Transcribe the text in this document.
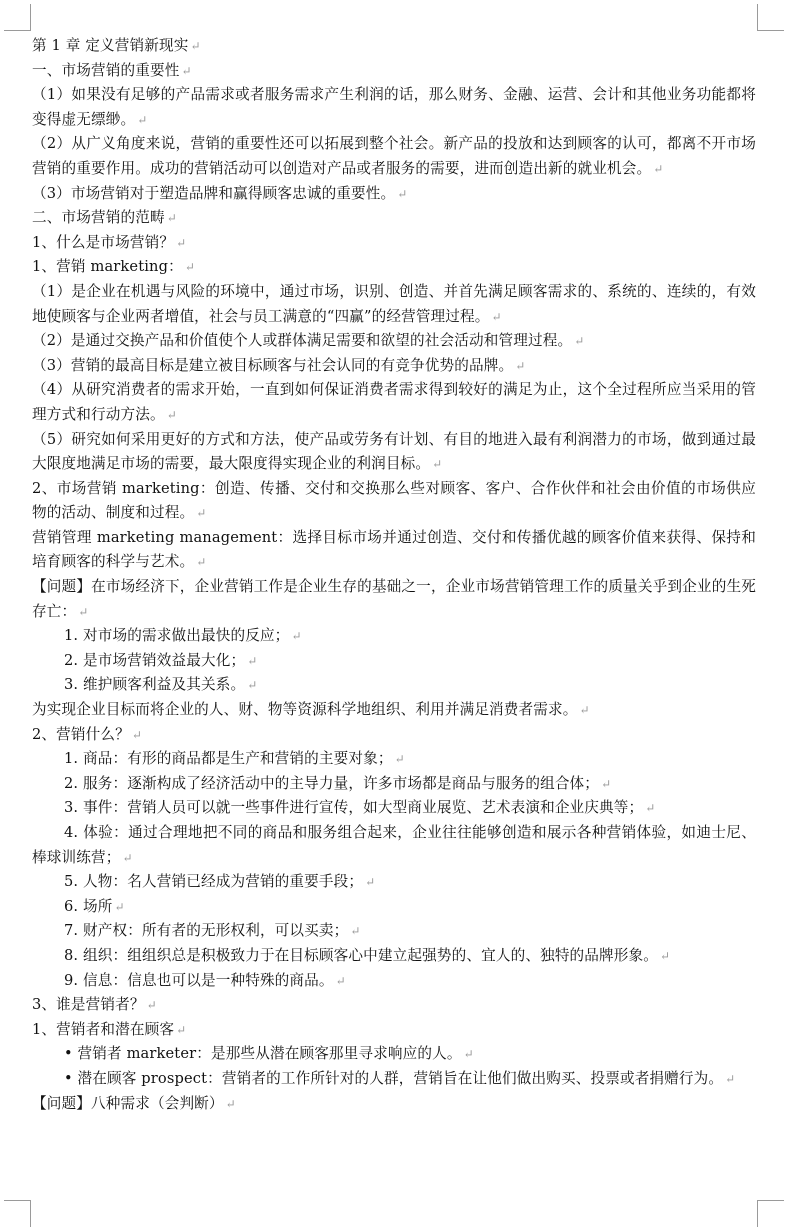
第 1 章 定义营销新现实 ↵

一、市场营销的重要性 ↵

（1）如果没有足够的产品需求或者服务需求产生利润的话，那么财务、金融、运营、会计和其他业务功能都将变得虚无缥缈。 ↵

（2）从广义角度来说，营销的重要性还可以拓展到整个社会。新产品的投放和达到顾客的认可，都离不开市场营销的重要作用。成功的营销活动可以创造对产品或者服务的需要，进而创造出新的就业机会。 ↵

（3）市场营销对于塑造品牌和赢得顾客忠诚的重要性。 ↵

二、市场营销的范畴 ↵

1、什么是市场营销？ ↵

1、营销 marketing： ↵

（1）是企业在机遇与风险的环境中，通过市场，识别、创造、并首先满足顾客需求的、系统的、连续的，有效地使顾客与企业两者增值，社会与员工满意的“四赢”的经营管理过程。 ↵

（2）是通过交换产品和价值使个人或群体满足需要和欲望的社会活动和管理过程。 ↵

（3）营销的最高目标是建立被目标顾客与社会认同的有竞争优势的品牌。 ↵

（4）从研究消费者的需求开始，一直到如何保证消费者需求得到较好的满足为止，这个全过程所应当采用的管理方式和行动方法。 ↵

（5）研究如何采用更好的方式和方法，使产品或劳务有计划、有目的地进入最有利润潜力的市场，做到通过最大限度地满足市场的需要，最大限度得实现企业的利润目标。 ↵

2、市场营销 marketing：创造、传播、交付和交换那么些对顾客、客户、合作伙伴和社会由价值的市场供应物的活动、制度和过程。 ↵

营销管理 marketing management：选择目标市场并通过创造、交付和传播优越的顾客价值来获得、保持和培育顾客的科学与艺术。 ↵

【问题】在市场经济下，企业营销工作是企业生存的基础之一，企业市场营销管理工作的质量关乎到企业的生死存亡： ↵

1. 对市场的需求做出最快的反应； ↵

2. 是市场营销效益最大化； ↵

3. 维护顾客利益及其关系。 ↵

为实现企业目标而将企业的人、财、物等资源科学地组织、利用并满足消费者需求。 ↵

2、营销什么？ ↵

1. 商品：有形的商品都是生产和营销的主要对象； ↵

2. 服务：逐渐构成了经济活动中的主导力量，许多市场都是商品与服务的组合体； ↵

3. 事件：营销人员可以就一些事件进行宣传，如大型商业展览、艺术表演和企业庆典等； ↵

4. 体验：通过合理地把不同的商品和服务组合起来，企业往往能够创造和展示各种营销体验，如迪士尼、棒球训练营； ↵

5. 人物：名人营销已经成为营销的重要手段； ↵

6. 场所 ↵

7. 财产权：所有者的无形权利，可以买卖； ↵

8. 组织：组组织总是积极致力于在目标顾客心中建立起强势的、宜人的、独特的品牌形象。 ↵

9. 信息：信息也可以是一种特殊的商品。 ↵

3、谁是营销者？ ↵

1、营销者和潜在顾客 ↵

• 营销者 marketer：是那些从潜在顾客那里寻求响应的人。 ↵

• 潜在顾客 prospect：营销者的工作所针对的人群，营销旨在让他们做出购买、投票或者捐赠行为。 ↵

【问题】八种需求（会判断） ↵
